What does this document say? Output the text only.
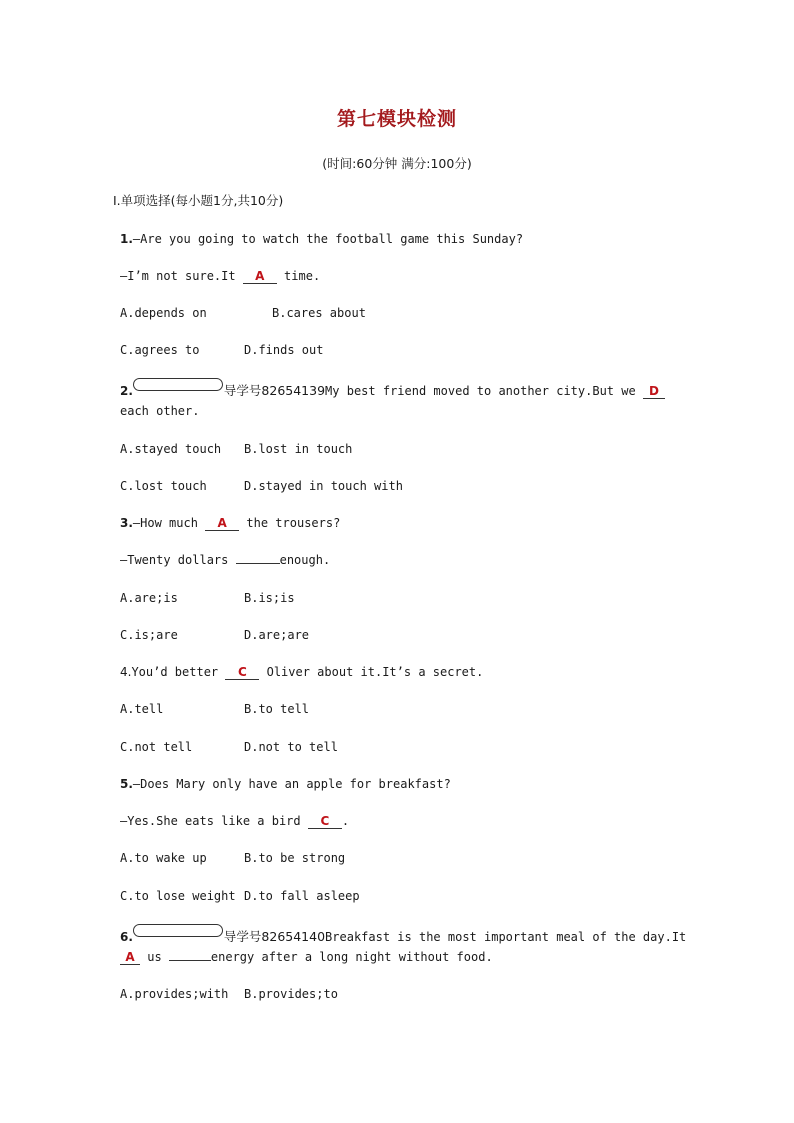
第七模块检测
(时间:60分钟 满分:100分)
Ⅰ.单项选择(每小题1分,共10分)
1.—Are you going to watch the football game this Sunday?
—I’m not sure.It A time.
A.depends on	B.cares about
C.agrees to	D.finds out
2.	导学号82654139My best friend moved to another city.But we D
each other.
A.stayed touch B.lost in touch
C.lost touch	D.stayed in touch with
3.—How much A the trousers?
—Twenty dollars	enough.
A.are;is	B.is;is
C.is;are	D.are;are
4.You’d better C Oliver about it.It’s a secret.
A.tell	B.to tell
C.not tell	D.not to tell
5.—Does Mary only have an apple for breakfast?
—Yes.She eats like a bird C .
A.to wake up	B.to be strong
C.to lose weight D.to fall asleep
6.	导学号82654140Breakfast is the most important meal of the day.It
A us	energy after a long night without food.
A.provides;with B.provides;to
